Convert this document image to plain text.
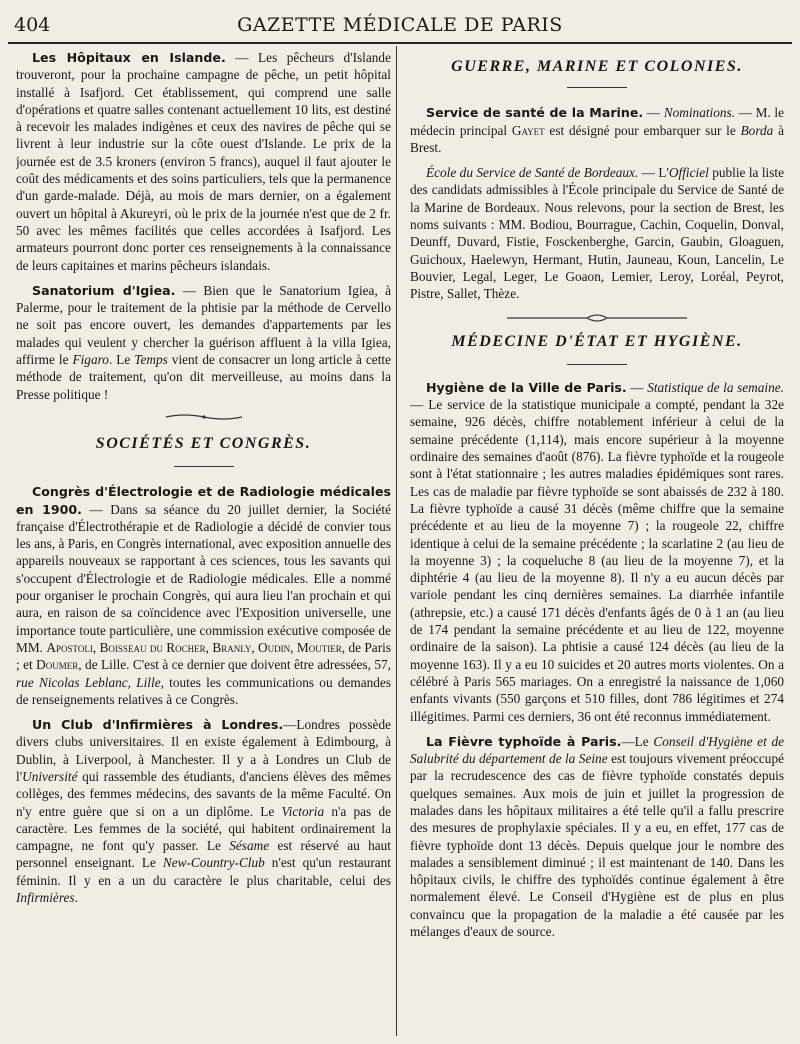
404	GAZETTE MÉDICALE DE PARIS

Les Hôpitaux en Islande. — Les pêcheurs d'Islande trouveront, pour la prochaine campagne de pêche, un petit hôpital installé à Isafjord. Cet établissement, qui comprend une salle d'opérations et quatre salles contenant actuellement 10 lits, est destiné à recevoir les malades indigènes et ceux des navires de pêche qui se livrent à leur industrie sur la côte ouest d'Islande. Le prix de la journée est de 3.5 kroners (environ 5 francs), auquel il faut ajouter le coût des médicaments et des soins particuliers, tels que la permanence d'un garde-malade. Déjà, au mois de mars dernier, on a également ouvert un hôpital à Akureyri, où le prix de la journée n'est que de 2 fr. 50 avec les mêmes facilités que celles accordées à Isafjord. Les armateurs pourront donc porter ces renseignements à la connaissance de leurs capitaines et marins pêcheurs islandais.

Sanatorium d'Igiea. — Bien que le Sanatorium Igiea, à Palerme, pour le traitement de la phtisie par la méthode de Cervello ne soit pas encore ouvert, les demandes d'appartements par les malades qui veulent y chercher la guérison affluent à la villa Igiea, affirme le Figaro. Le Temps vient de consacrer un long article à cette méthode de traitement, qu'on dit merveilleuse, au moins dans la Presse politique !

SOCIÉTÉS ET CONGRÈS.

Congrès d'Électrologie et de Radiologie médicales en 1900. — Dans sa séance du 20 juillet dernier, la Société française d'Électrothérapie et de Radiologie a décidé de convier tous les ans, à Paris, en Congrès international, avec exposition annuelle des appareils nouveaux se rapportant à ces sciences, tous les savants qui s'occupent d'Électrologie et de Radiologie médicales. Elle a nommé pour organiser le prochain Congrès, qui aura lieu l'an prochain et qui aura, en raison de sa coïncidence avec l'Exposition universelle, une importance toute particulière, une commission exécutive composée de MM. Apostoli, Boisseau du Rocher, Branly, Oudin, Moutier, de Paris ; et Doumer, de Lille. C'est à ce dernier que doivent être adressées, 57, rue Nicolas Leblanc, Lille, toutes les communications ou demandes de renseignements relatives à ce Congrès.

Un Club d'Infirmières à Londres.—Londres possède divers clubs universitaires. Il en existe également à Edimbourg, à Dublin, à Liverpool, à Manchester. Il y a à Londres un Club de l'Université qui rassemble des étudiants, d'anciens élèves des mêmes collèges, des femmes médecins, des savants de la même Faculté. On n'y entre guère que si on a un diplôme. Le Victoria n'a pas de caractère. Les femmes de la société, qui habitent ordinairement la campagne, ne font qu'y passer. Le Sésame est réservé au haut personnel enseignant. Le New-Country-Club n'est qu'un restaurant féminin. Il y en a un du caractère le plus charitable, celui des Infirmières.

GUERRE, MARINE ET COLONIES.

Service de santé de la Marine. — Nominations. — M. le médecin principal Gayet est désigné pour embarquer sur le Borda à Brest.

École du Service de Santé de Bordeaux. — L'Officiel publie la liste des candidats admissibles à l'École principale du Service de Santé de la Marine de Bordeaux. Nous relevons, pour la section de Brest, les noms suivants : MM. Bodiou, Bourrague, Cachin, Coquelin, Donval, Deunff, Duvard, Fistie, Fosckenberghe, Garcin, Gaubin, Gloaguen, Guichoux, Haelewyn, Hermant, Hutin, Jauneau, Koun, Lancelin, Le Bouvier, Legal, Leger, Le Goaon, Lemier, Leroy, Loréal, Peyrot, Pistre, Sallet, Thèze.

MÉDECINE D'ÉTAT ET HYGIÈNE.

Hygiène de la Ville de Paris. — Statistique de la semaine. — Le service de la statistique municipale a compté, pendant la 32e semaine, 926 décès, chiffre notablement inférieur à celui de la semaine précédente (1,114), mais encore supérieur à la moyenne ordinaire des semaines d'août (876). La fièvre typhoïde et la rougeole sont à l'état stationnaire ; les autres maladies épidémiques sont rares. Les cas de maladie par fièvre typhoïde se sont abaissés de 232 à 180. La fièvre typhoïde a causé 31 décès (même chiffre que la semaine précédente et au lieu de la moyenne 7) ; la rougeole 22, chiffre identique à celui de la semaine précédente ; la scarlatine 2 (au lieu de la moyenne 3) ; la coqueluche 8 (au lieu de la moyenne 7), et la diphtérie 4 (au lieu de la moyenne 8). Il n'y a eu aucun décès par variole pendant les cinq dernières semaines. La diarrhée infantile (athrepsie, etc.) a causé 171 décès d'enfants âgés de 0 à 1 an (au lieu de 174 pendant la semaine précédente et au lieu de 122, moyenne ordinaire de la saison). La phtisie a causé 124 décès (au lieu de la moyenne 163). Il y a eu 10 suicides et 20 autres morts violentes. On a célébré à Paris 565 mariages. On a enregistré la naissance de 1,060 enfants vivants (550 garçons et 510 filles, dont 786 légitimes et 274 illégitimes. Parmi ces derniers, 36 ont été reconnus immédiatement.

La Fièvre typhoïde à Paris.—Le Conseil d'Hygiène et de Salubrité du département de la Seine est toujours vivement préoccupé par la recrudescence des cas de fièvre typhoïde constatés depuis quelques semaines. Aux mois de juin et juillet la progression de malades dans les hôpitaux militaires a été telle qu'il a fallu prescrire des mesures de prophylaxie spéciales. Il y a eu, en effet, 177 cas de fièvre typhoïde dont 13 décès. Depuis quelque jour le nombre des malades a sensiblement diminué ; il est maintenant de 140. Dans les hôpitaux civils, le chiffre des typhoïdés continue également à être normalement élevé. Le Conseil d'Hygiène est de plus en plus convaincu que la propagation de la maladie a été causée par les mélanges d'eaux de source.
